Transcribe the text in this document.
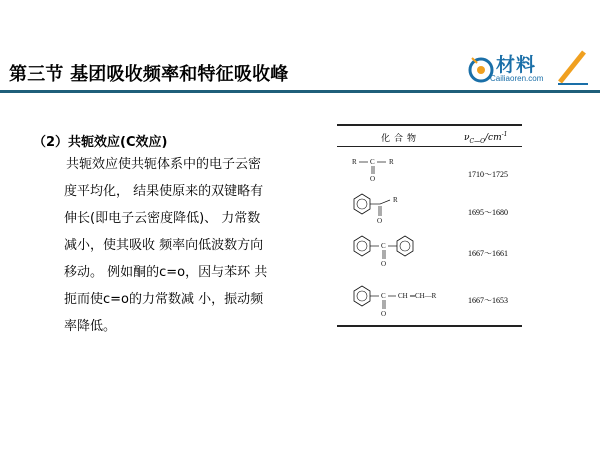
第三节 基团吸收频率和特征吸收峰	材料
Cailiaoren.com
（2）共轭效应(C效应)
共轭效应使共轭体系中的电子云密
度平均化， 结果使原来的双键略有
伸长(即电子云密度降低)、 力常数
减小，使其吸收 频率向低波数方向
移动。 例如酮的c=o，因与苯环 共
扼而使c=o的力常数减 小，振动频
率降低。
化合物	$\nu_{C—O}/cm^{-1}$
R C R
O
R
O
C
O
C CH ═CH—R
O
1710～1725
1695～1680
1667～1661
1667～1653
